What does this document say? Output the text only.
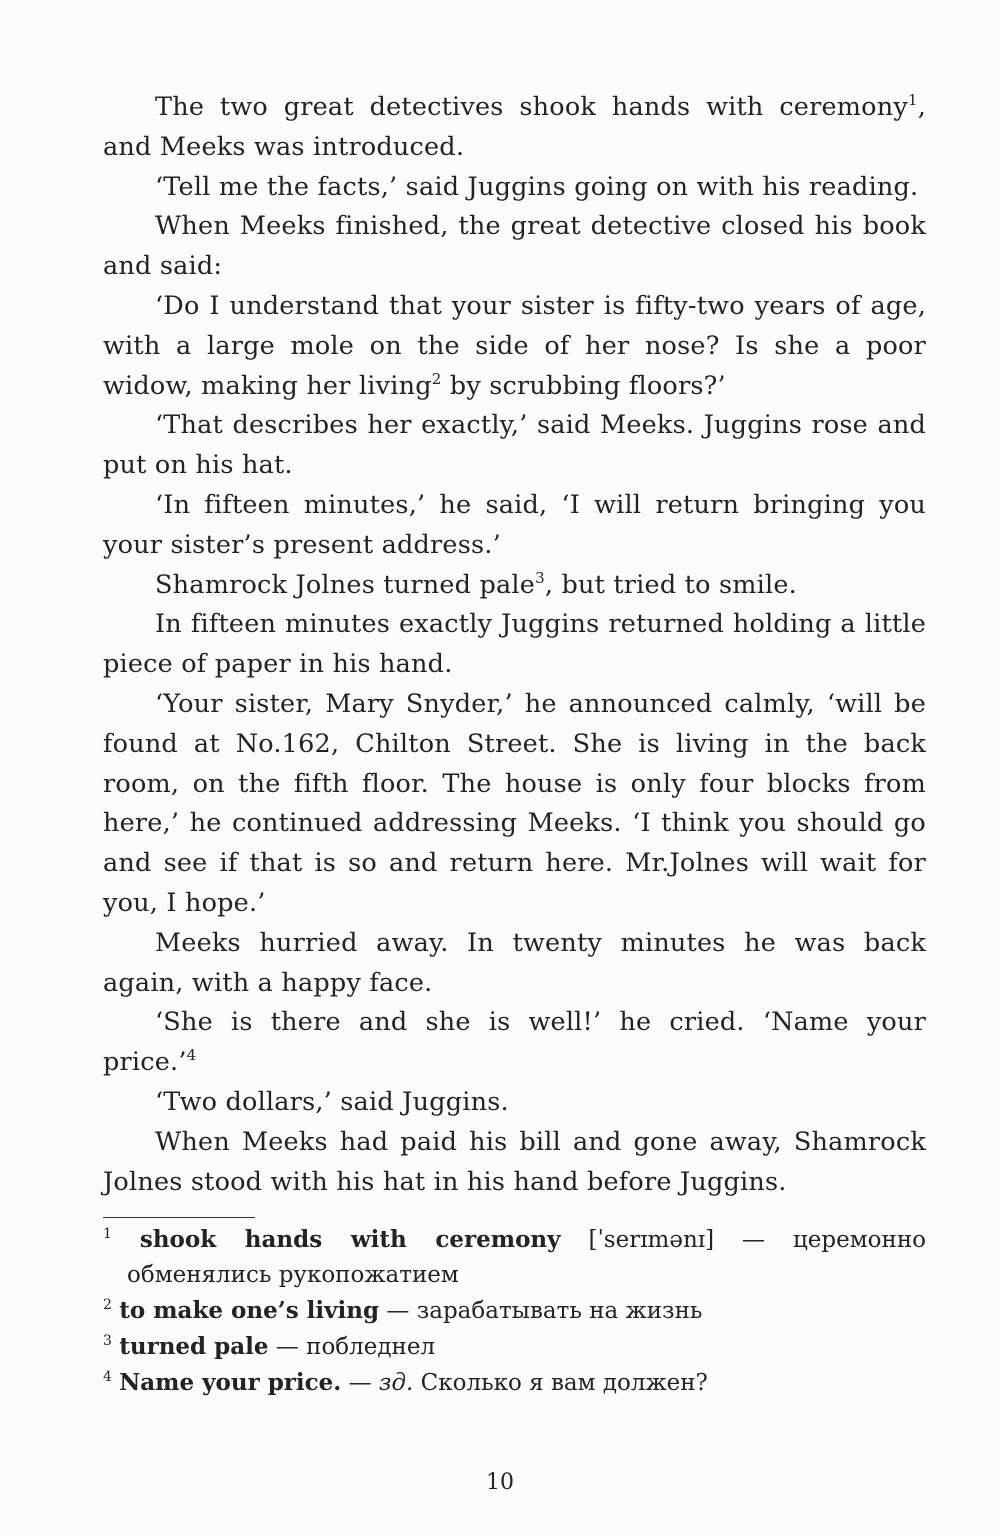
The two great detectives shook hands with ceremony$^1$, and Meeks was introduced.

‘Tell me the facts,’ said Juggins going on with his reading.

When Meeks finished, the great detective closed his book and said:

‘Do I understand that your sister is fifty-two years of age, with a large mole on the side of her nose? Is she a poor widow, making her living$^2$ by scrubbing floors?’

‘That describes her exactly,’ said Meeks. Juggins rose and put on his hat.

‘In fifteen minutes,’ he said, ‘I will return bringing you your sister’s present address.’

Shamrock Jolnes turned pale$^3$, but tried to smile.

In fifteen minutes exactly Juggins returned holding a little piece of paper in his hand.

‘Your sister, Mary Snyder,’ he announced calmly, ‘will be found at No.162, Chilton Street. She is living in the back room, on the fifth floor. The house is only four blocks from here,’ he continued addressing Meeks. ‘I think you should go and see if that is so and return here. Mr.Jolnes will wait for you, I hope.’

Meeks hurried away. In twenty minutes he was back again, with a happy face.

‘She is there and she is well!’ he cried. ‘Name your price.’$^4$

‘Two dollars,’ said Juggins.

When Meeks had paid his bill and gone away, Shamrock Jolnes stood with his hat in his hand before Juggins.

$^1$ shook hands with ceremony [ˈserɪmənɪ] — церемонно обменялись рукопожатием

$^2$ to make one’s living — зарабатывать на жизнь

$^3$ turned pale — побледнел

$^4$ Name your price. — зд. Сколько я вам должен?

10
